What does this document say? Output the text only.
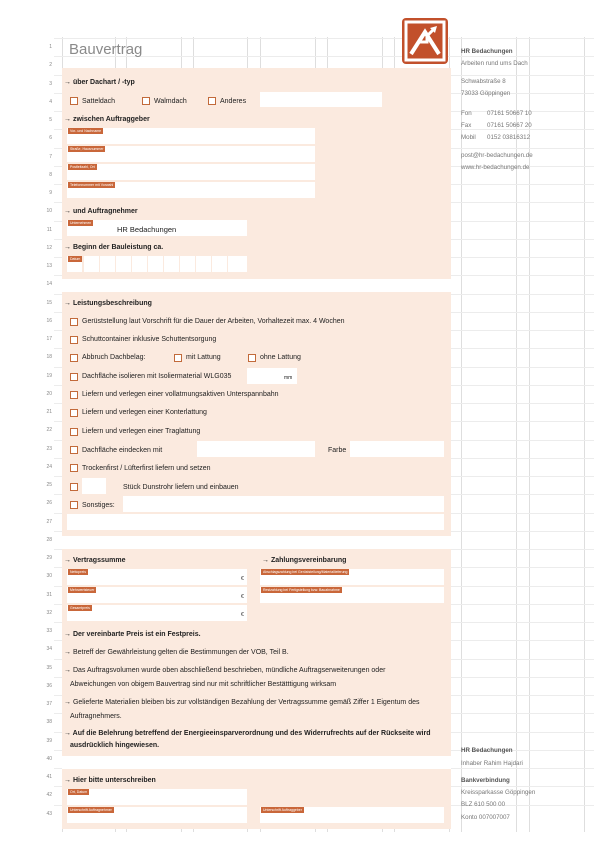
1
2
3
4
5
6
7
8
9
10
11
12
13
14
15
16
17
18
19
20
21
22
23
24
25
26
27
28
29
30
31
32
33
34
35
36
37
38
39
40
41
42
43
Bauvertrag
→ über Dachart / -typ
Satteldach	Walmdach	Anderes
→ zwischen Auftraggeber
Vor- und Nachname
Straße, Hausnummer
Postleitzahl, Ort
Telefonnummer mit Vorwahl
→ und Auftragnehmer
Unternehmen
HR Bedachungen
→ Beginn der Bauleistung ca.
Datum
→ Leistungsbeschreibung
Gerüststellung laut Vorschrift für die Dauer der Arbeiten, Vorhaltezeit max. 4 Wochen
Schuttcontainer inklusive Schuttentsorgung
Abbruch Dachbelag:	mit Lattung	ohne Lattung
Dachfläche isolieren mit Isoliermaterial WLG035	mm
Liefern und verlegen einer vollatmungsaktiven Unterspannbahn
Liefern und verlegen einer Konterlattung
Liefern und verlegen einer Traglattung
Dachfläche eindecken mit	Farbe
Trockenfirst / Lüfterfirst liefern und setzen
Stück Dunstrohr liefern und einbauen
Sonstiges:
→ Vertragssumme	→ Zahlungsvereinbarung
Nettopreis
€
Mehrwertsteuer
€
Gesamtpreis
€
Abschlagszahlung bei Gerüststellung/Materiallieferung
Restzahlung bei Fertigstellung bzw. Bauabnahme
→ Der vereinbarte Preis ist ein Festpreis.
→ Betreff der Gewährleistung gelten die Bestimmungen der VOB, Teil B.
→ Das Auftragsvolumen wurde oben abschließend beschrieben, mündliche Auftragserweiterungen oder
Abweichungen von obigem Bauvertrag sind nur mit schriftlicher Bestätttigung wirksam
→ Gelieferte Materialien bleiben bis zur vollständigen Bezahlung der Vertragssumme gemäß Ziffer 1 Eigentum des
Auftragnehmers.
→ Auf die Belehrung betreffend der Energieeinsparverordnung und des Widerrufrechts auf der Rückseite wird
ausdrücklich hingewiesen.
→ Hier bitte unterschreiben
Ort, Datum
Unterschrift Auftragnehmer	Unterschrift Auftraggeber
HR Bedachungen
Arbeiten rund ums Dach
Schwabstraße 8
73033 Göppingen
Fon 07161 50667 10
Fax	07161 50667 20
Mobil 0152 03816312
post@hr-bedachungen.de
www.hr-bedachungen.de
HR Bedachungen
Inhaber Rahim Hajdari
Bankverbindung
Kreissparkasse Göppingen
BLZ 610 500 00
Konto 007007007
